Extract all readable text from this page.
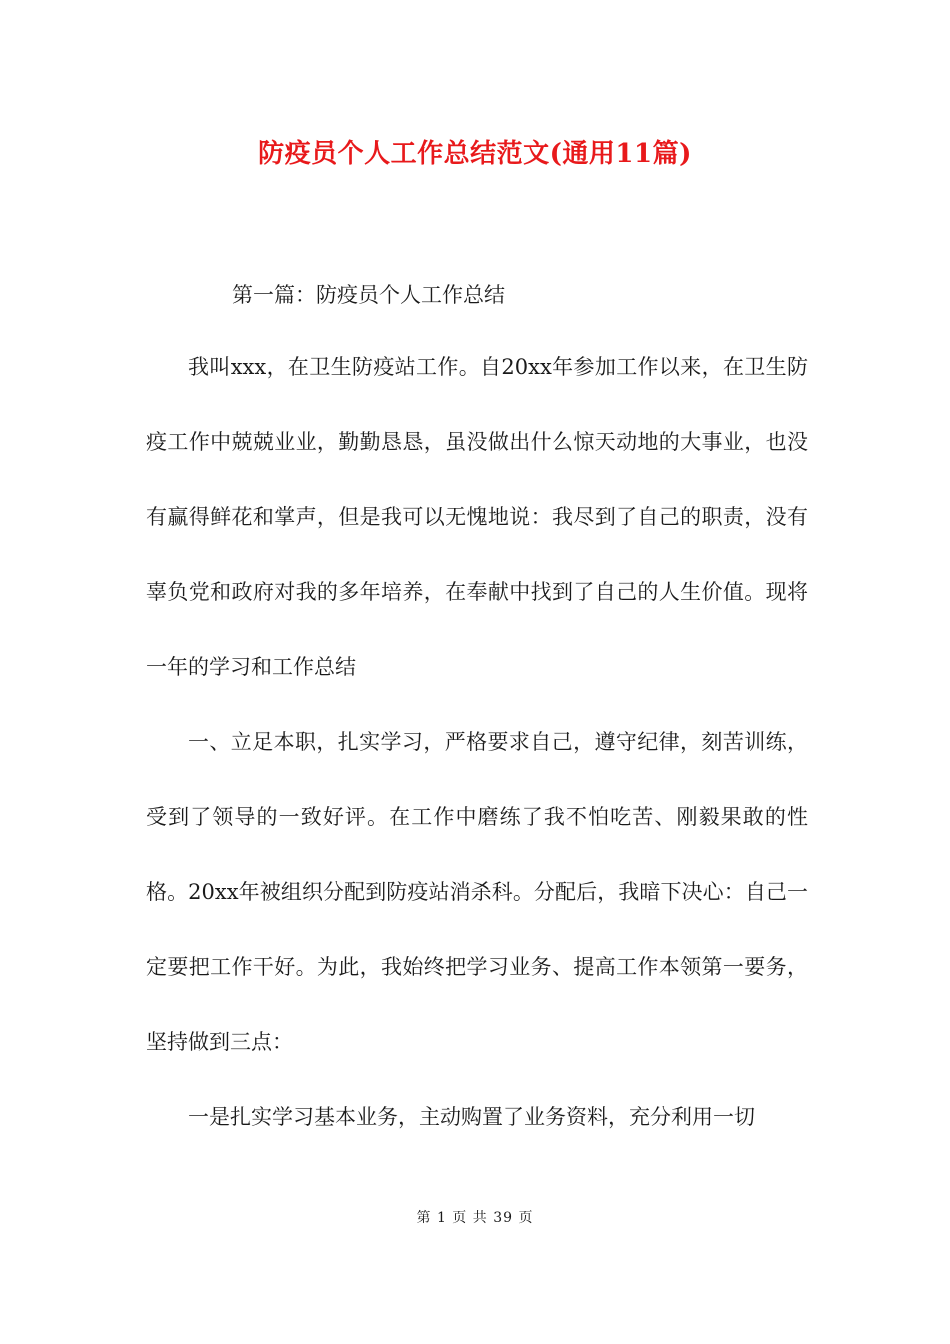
防疫员个人工作总结范文(通用11篇)
第一篇：防疫员个人工作总结

我叫xxx，在卫生防疫站工作。自20xx年参加工作以来，在卫生防疫工作中兢兢业业，勤勤恳恳，虽没做出什么惊天动地的大事业，也没有赢得鲜花和掌声，但是我可以无愧地说：我尽到了自己的职责，没有辜负党和政府对我的多年培养，在奉献中找到了自己的人生价值。现将一年的学习和工作总结

一、立足本职，扎实学习，严格要求自己，遵守纪律，刻苦训练，受到了领导的一致好评。在工作中磨练了我不怕吃苦、刚毅果敢的性格。20xx年被组织分配到防疫站消杀科。分配后，我暗下决心：自己一定要把工作干好。为此，我始终把学习业务、提高工作本领第一要务，坚持做到三点：

一是扎实学习基本业务，主动购置了业务资料，充分利用一切

第 1 页 共 39 页
